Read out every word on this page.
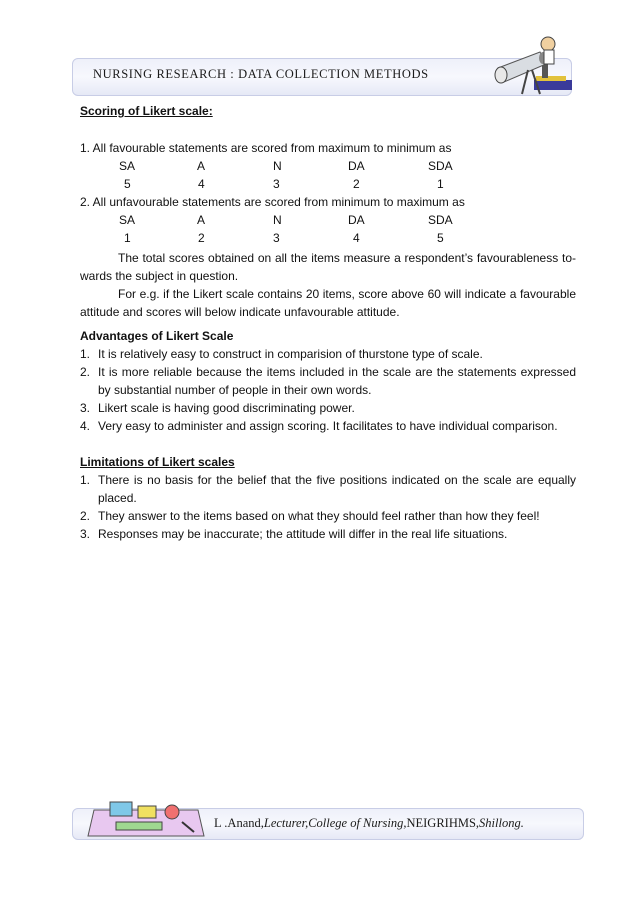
NURSING RESEARCH : DATA COLLECTION METHODS

Scoring of Likert scale:

1. All favourable statements are scored from maximum to minimum as

SA	A	N	DA	SDA
5	4	3	2	1

2. All unfavourable statements are scored from minimum to maximum as

SA	A	N	DA	SDA
1	2	3	4	5

The total scores obtained on all the items measure a respondent’s favourableness to-wards the subject in question.

For e.g. if the Likert scale contains 20 items, score above 60 will indicate a favourable attitude and scores will below indicate unfavourable attitude.

Advantages of Likert Scale

1. It is relatively easy to construct in comparision of thurstone type of scale.
2. It is more reliable because the items included in the scale are the statements expressed by substantial number of people in their own words.
3. Likert scale is having good discriminating power.
4. Very easy to administer and assign scoring. It facilitates to have individual comparison.

Limitations of Likert scales

1. There is no basis for the belief that the five positions indicated on the scale are equally placed.
2. They answer to the items based on what they should feel rather than how they feel!
3. Responses may be inaccurate; the attitude will differ in the real life situations.
L .Anand,Lecturer,College of Nursing,NEIGRIHMS,Shillong.
